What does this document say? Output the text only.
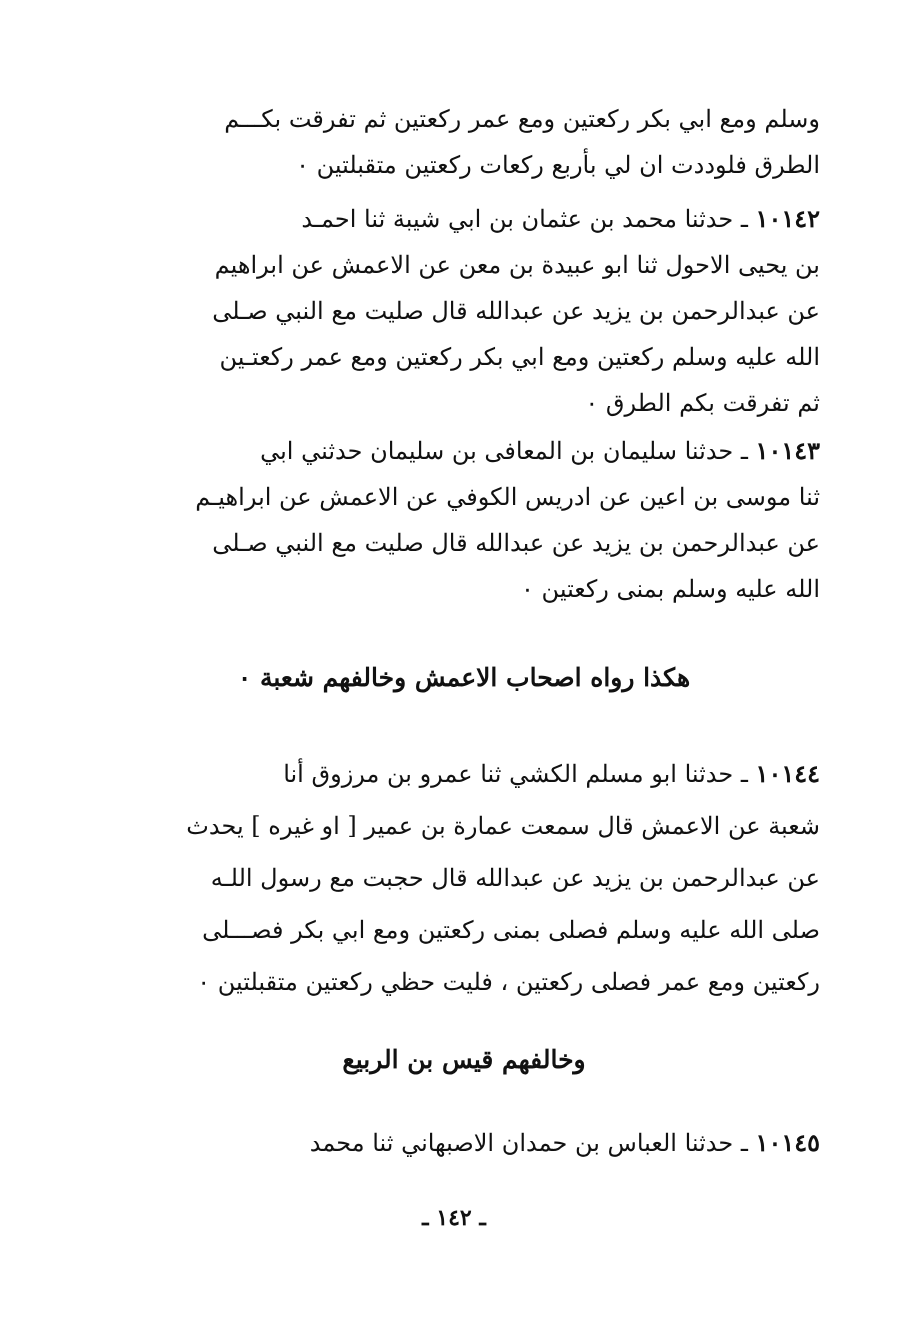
وسلم ومع ابي بكر ركعتين ومع عمر ركعتين ثم تفرقت بكـــم
الطرق فلوددت ان لي بأربع ركعات ركعتين متقبلتين ٠
١٠١٤٢ ـ حدثنا محمد بن عثمان بن ابي شيبة ثنا احمـد
بن يحيى الاحول ثنا ابو عبيدة بن معن عن الاعمش عن ابراهيم
عن عبدالرحمن بن يزيد عن عبدالله قال صليت مع النبي صـلى
الله عليه وسلم ركعتين ومع ابي بكر ركعتين ومع عمر ركعتـين
ثم تفرقت بكم الطرق ٠
١٠١٤٣ ـ حدثنا سليمان بن المعافى بن سليمان حدثني ابي
ثنا موسى بن اعين عن ادريس الكوفي عن الاعمش عن ابراهيـم
عن عبدالرحمن بن يزيد عن عبدالله قال صليت مع النبي صـلى
الله عليه وسلم بمنى ركعتين ٠
هكذا رواه اصحاب الاعمش وخالفهم شعبة ٠
١٠١٤٤ ـ حدثنا ابو مسلم الكشي ثنا عمرو بن مرزوق أنا
شعبة عن الاعمش قال سمعت عمارة بن عمير [ او غيره ] يحدث
عن عبدالرحمن بن يزيد عن عبدالله قال حجبت مع رسول اللـه
صلى الله عليه وسلم فصلى بمنى ركعتين ومع ابي بكر فصـــلى
ركعتين ومع عمر فصلى ركعتين ، فليت حظي ركعتين متقبلتين ٠
وخالفهم قيس بن الربيع
١٠١٤٥ ـ حدثنا العباس بن حمدان الاصبهاني ثنا محمد
ـ ١٤٢ ـ
